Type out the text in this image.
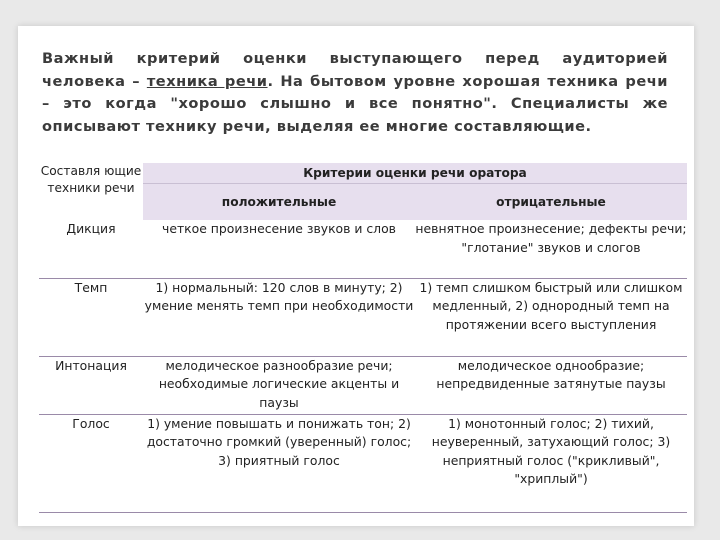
Важный критерий оценки выступающего перед аудиторией человека – техника речи. На бытовом уровне хорошая техника речи – это когда "хорошо слышно и все понятно". Специалисты же описывают технику речи, выделяя ее многие составляющие.
Составля ющие техники речи	Критерии оценки речи оратора	
	положительные	отрицательные
Дикция	четкое произнесение звуков и слов	невнятное произнесение; дефекты речи; "глотание" звуков и слогов
Темп	1) нормальный: 120 слов в минуту; 2) умение менять темп при необходимости	1) темп слишком быстрый или слишком медленный, 2) однородный темп на протяжении всего выступления
Интонация	мелодическое разнообразие речи; необходимые логические акценты и паузы	мелодическое однообразие; непредвиденные затянутые паузы
Голос	1) умение повышать и понижать тон; 2) достаточно громкий (уверенный) голос; 3) приятный голос	1) монотонный голос; 2) тихий, неуверенный, затухающий голос; 3) неприятный голос ("крикливый", "хриплый")
